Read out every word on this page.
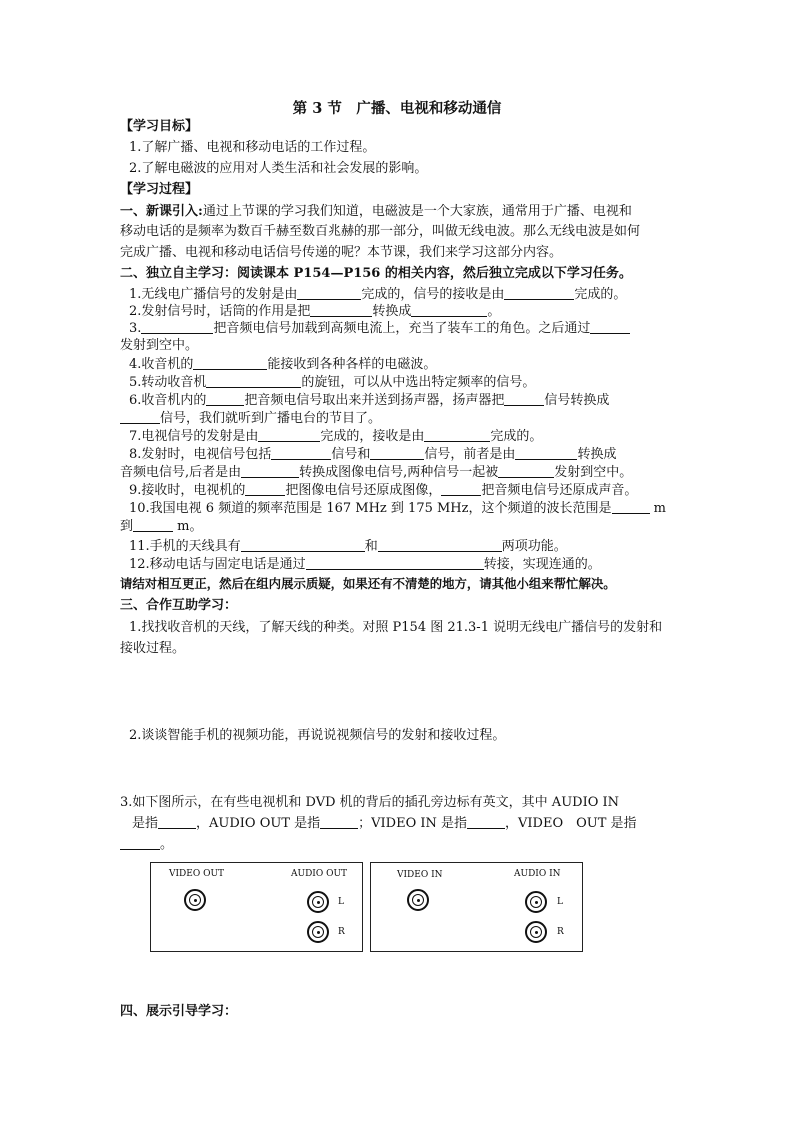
第 3 节　广播、电视和移动通信
【学习目标】
1.了解广播、电视和移动电话的工作过程。
2.了解电磁波的应用对人类生活和社会发展的影响。
【学习过程】
一、新课引入:通过上节课的学习我们知道，电磁波是一个大家族，通常用于广播、电视和
移动电话的是频率为数百千赫至数百兆赫的那一部分，叫做无线电波。那么无线电波是如何
完成广播、电视和移动电话信号传递的呢？本节课，我们来学习这部分内容。
二、独立自主学习：阅读课本 P154—P156 的相关内容，然后独立完成以下学习任务。
1.无线电广播信号的发射是由	完成的，信号的接收是由	完成的。
2.发射信号时，话筒的作用是把	转换成	。
3.	把音频电信号加载到高频电流上，充当了装车工的角色。之后通过
发射到空中。
4.收音机的	能接收到各种各样的电磁波。
5.转动收音机	的旋钮，可以从中选出特定频率的信号。
6.收音机内的	把音频电信号取出来并送到扬声器，扬声器把	信号转换成
信号，我们就听到广播电台的节目了。
7.电视信号的发射是由	完成的，接收是由	完成的。
8.发射时，电视信号包括	信号和	信号，前者是由	转换成
音频电信号,后者是由	转换成图像电信号,两种信号一起被	发射到空中。
9.接收时，电视机的	把图像电信号还原成图像，	把音频电信号还原成声音。
10.我国电视 6 频道的频率范围是 167 MHz 到 175 MHz，这个频道的波长范围是	m
到	m。
11.手机的天线具有	和	两项功能。
12.移动电话与固定电话是通过	转接，实现连通的。
请结对相互更正，然后在组内展示质疑，如果还有不清楚的地方，请其他小组来帮忙解决。
三、合作互助学习：
1.找找收音机的天线，了解天线的种类。对照 P154 图 21.3-1 说明无线电广播信号的发射和
接收过程。
2.谈谈智能手机的视频功能，再说说视频信号的发射和接收过程。
3.如下图所示，在有些电视机和 DVD 机的背后的插孔旁边标有英文，其中 AUDIO IN
是指	，AUDIO OUT 是指	；VIDEO IN 是指	，VIDEO　OUT 是指
。
VIDEO OUT	AUDIO OUT
L
R
VIDEO IN	AUDIO IN
L
R
四、展示引导学习：
